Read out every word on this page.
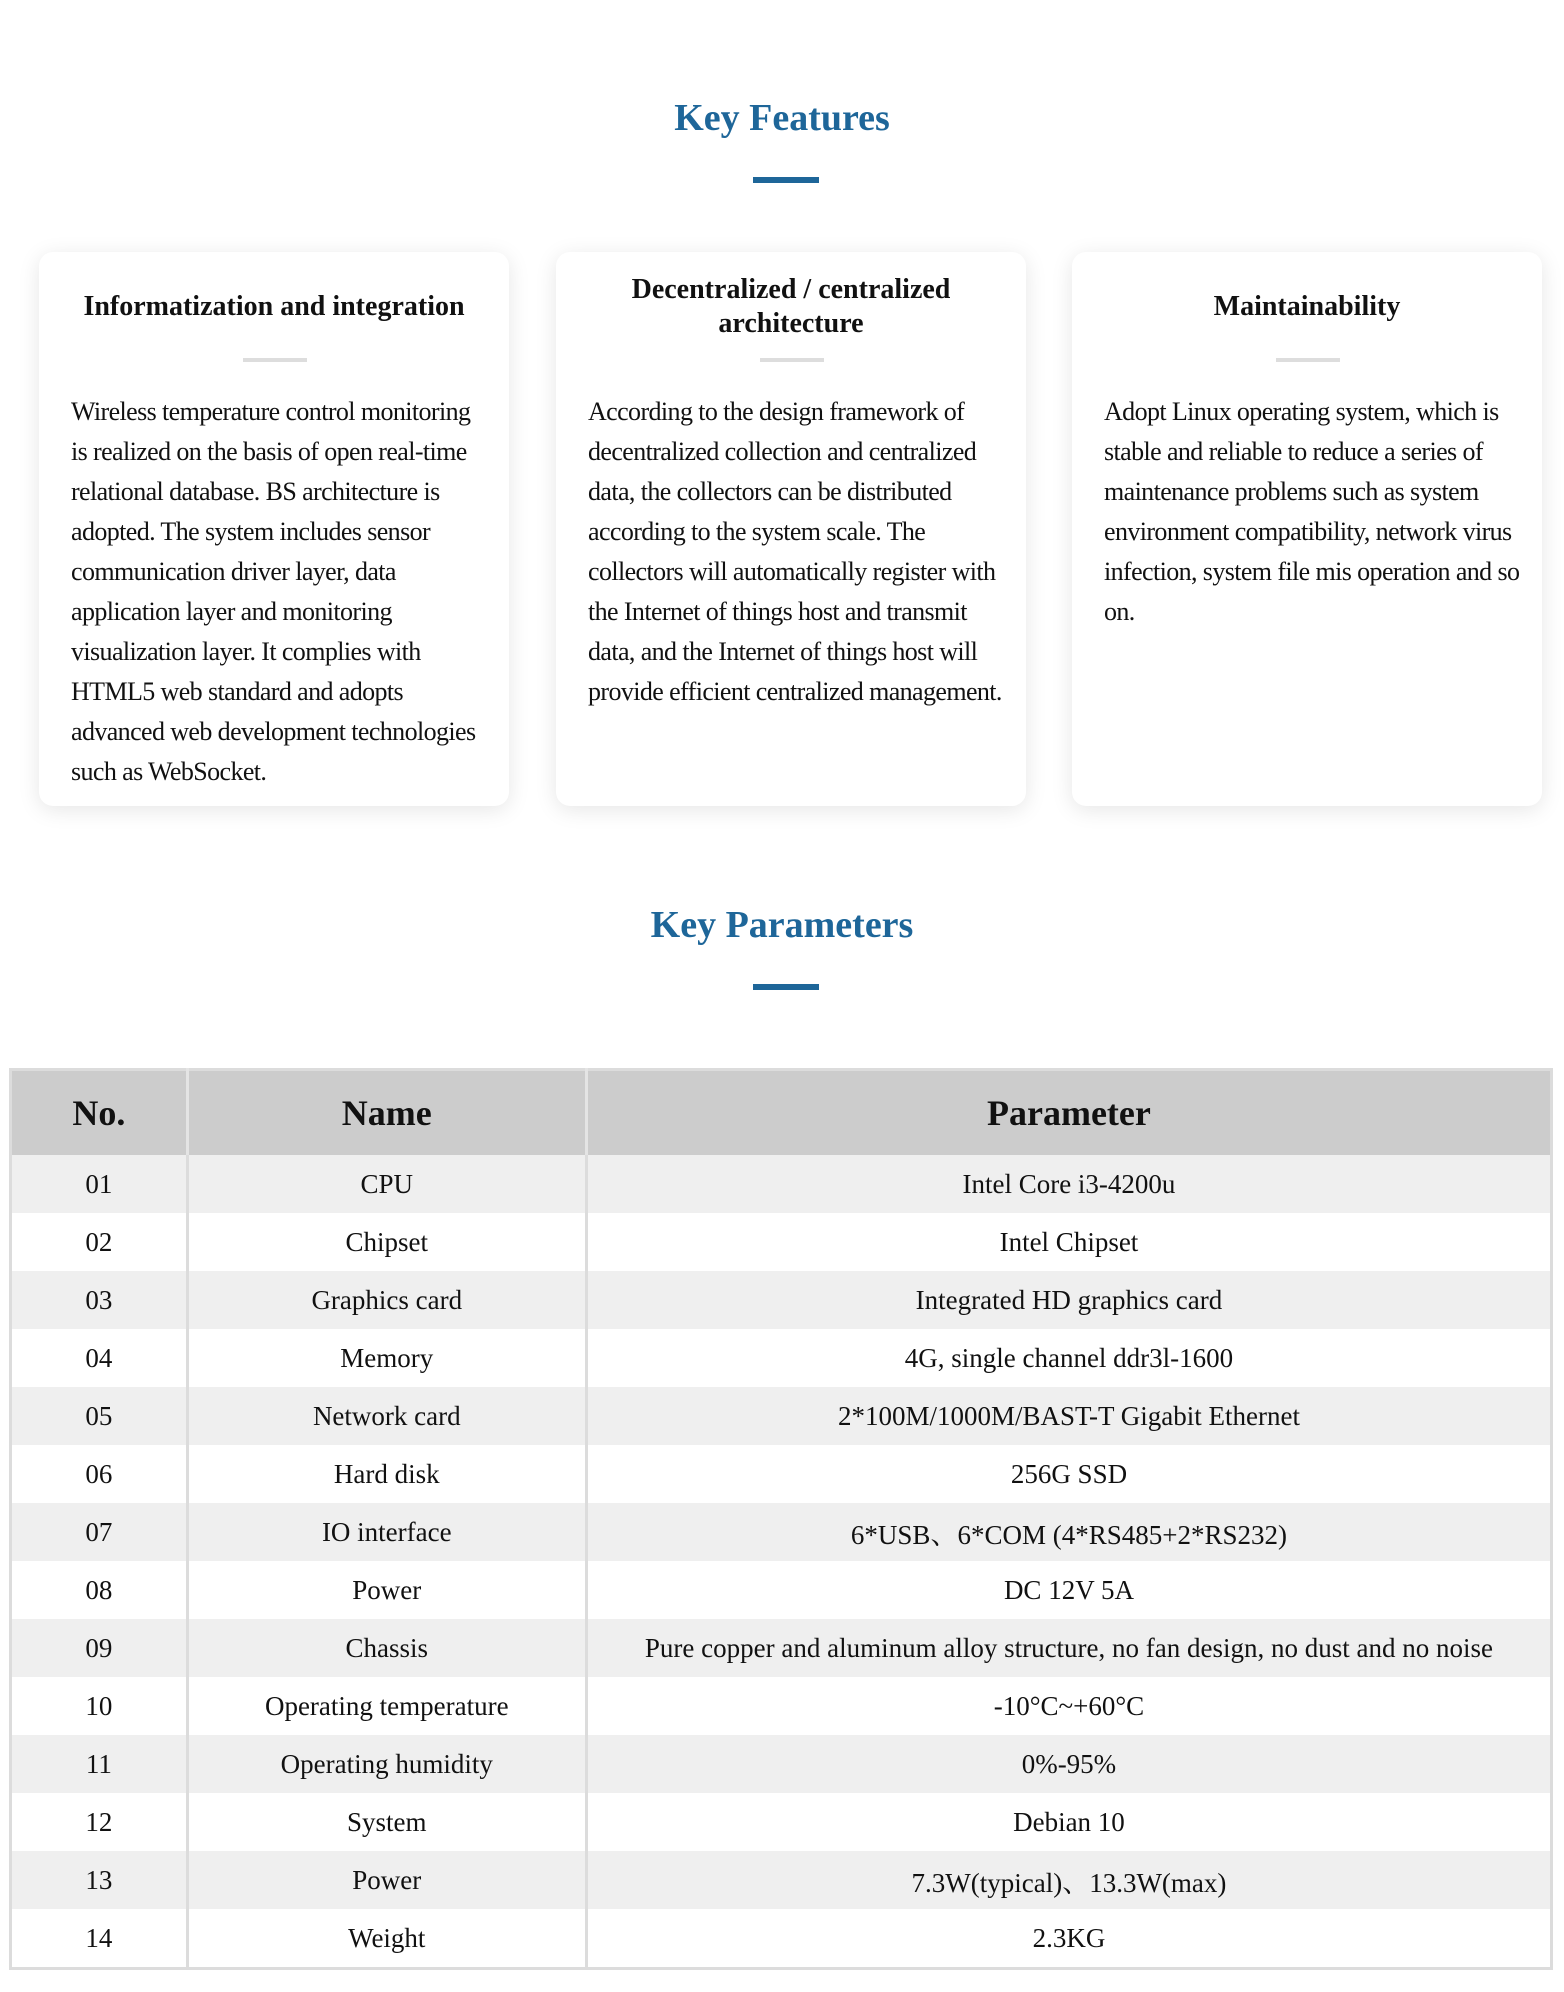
Key Features
Informatization and integration

Wireless temperature control monitoring is realized on the basis of open real-time relational database. BS architecture is adopted. The system includes sensor communication driver layer, data application layer and monitoring visualization layer. It complies with HTML5 web standard and adopts advanced web development technologies such as WebSocket.

Decentralized / centralized architecture

According to the design framework of decentralized collection and centralized data, the collectors can be distributed according to the system scale. The collectors will automatically register with the Internet of things host and transmit data, and the Internet of things host will provide efficient centralized management.

Maintainability

Adopt Linux operating system, which is stable and reliable to reduce a series of maintenance problems such as system environment compatibility, network virus infection, system file mis operation and so on.

Key Parameters
No.	Name	Parameter
01	CPU	Intel Core i3-4200u
02	Chipset	Intel Chipset
03	Graphics card	Integrated HD graphics card
04	Memory	4G, single channel ddr3l-1600
05	Network card	2*100M/1000M/BAST-T Gigabit Ethernet
06	Hard disk	256G SSD
07	IO interface	6*USB、6*COM (4*RS485+2*RS232)
08	Power	DC 12V 5A
09	Chassis	Pure copper and aluminum alloy structure, no fan design, no dust and no noise
10	Operating temperature	-10°C~+60°C
11	Operating humidity	0%-95%
12	System	Debian 10
13	Power	7.3W(typical)、13.3W(max)
14	Weight	2.3KG
